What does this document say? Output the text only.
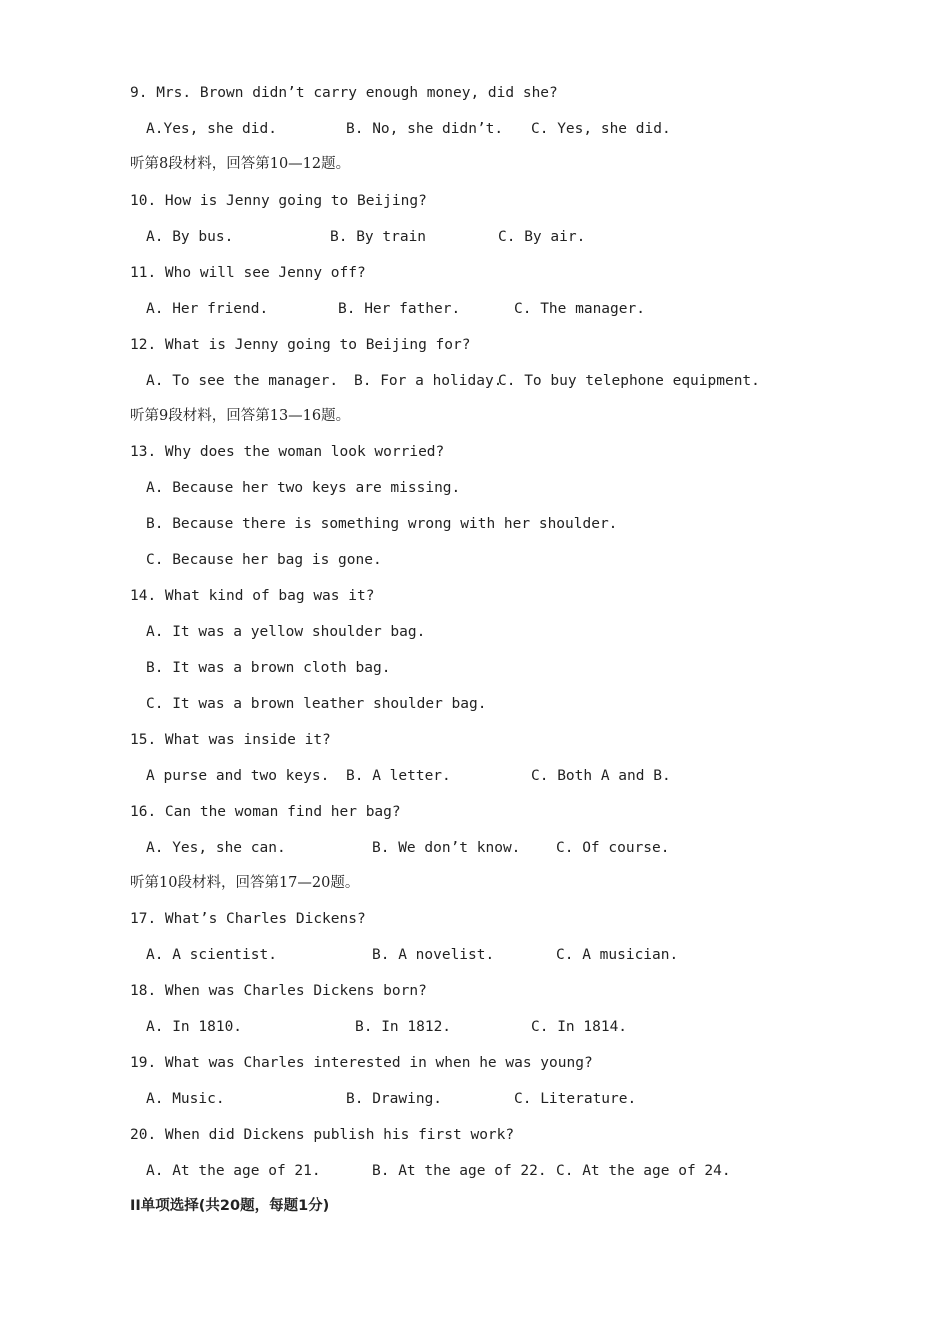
9. Mrs. Brown didn’t carry enough money, did she?

A.Yes, she did.

	B. No, she didn’t.

C. Yes, she did.

听第8段材料，回答第10—12题。
10. How is Jenny going to Beijing?

A. By bus.

	B. By train

	C. By air.

11. Who will see Jenny off?

A. Her friend.

	B. Her father.

	C. The manager.

12. What is Jenny going to Beijing for?

A. To see the manager.

B. For a holiday.

C. To buy telephone equipment.

听第9段材料，回答第13—16题。
13. Why does the woman look worried?
A. Because her two keys are missing.
B. Because there is something wrong with her shoulder.
C. Because her bag is gone.
14. What kind of bag was it?
A. It was a yellow shoulder bag.
B. It was a brown cloth bag.
C. It was a brown leather shoulder bag.
15. What was inside it?

A purse and two keys.

B. A letter.

	C. Both A and B.

16. Can the woman find her bag?

A. Yes, she can.

	B. We don’t know.

C. Of course.

听第10段材料，回答第17—20题。
17. What’s Charles Dickens?

A. A scientist.

	B. A novelist.

	C. A musician.

18. When was Charles Dickens born?

A. In 1810.

	B. In 1812.

	C. In 1814.

19. What was Charles interested in when he was young?

A. Music.

	B. Drawing.

	C. Literature.

20. When did Dickens publish his first work?

A. At the age of 21.

	B. At the age of 22.

C. At the age of 24.

II单项选择(共20题，每题1分)
